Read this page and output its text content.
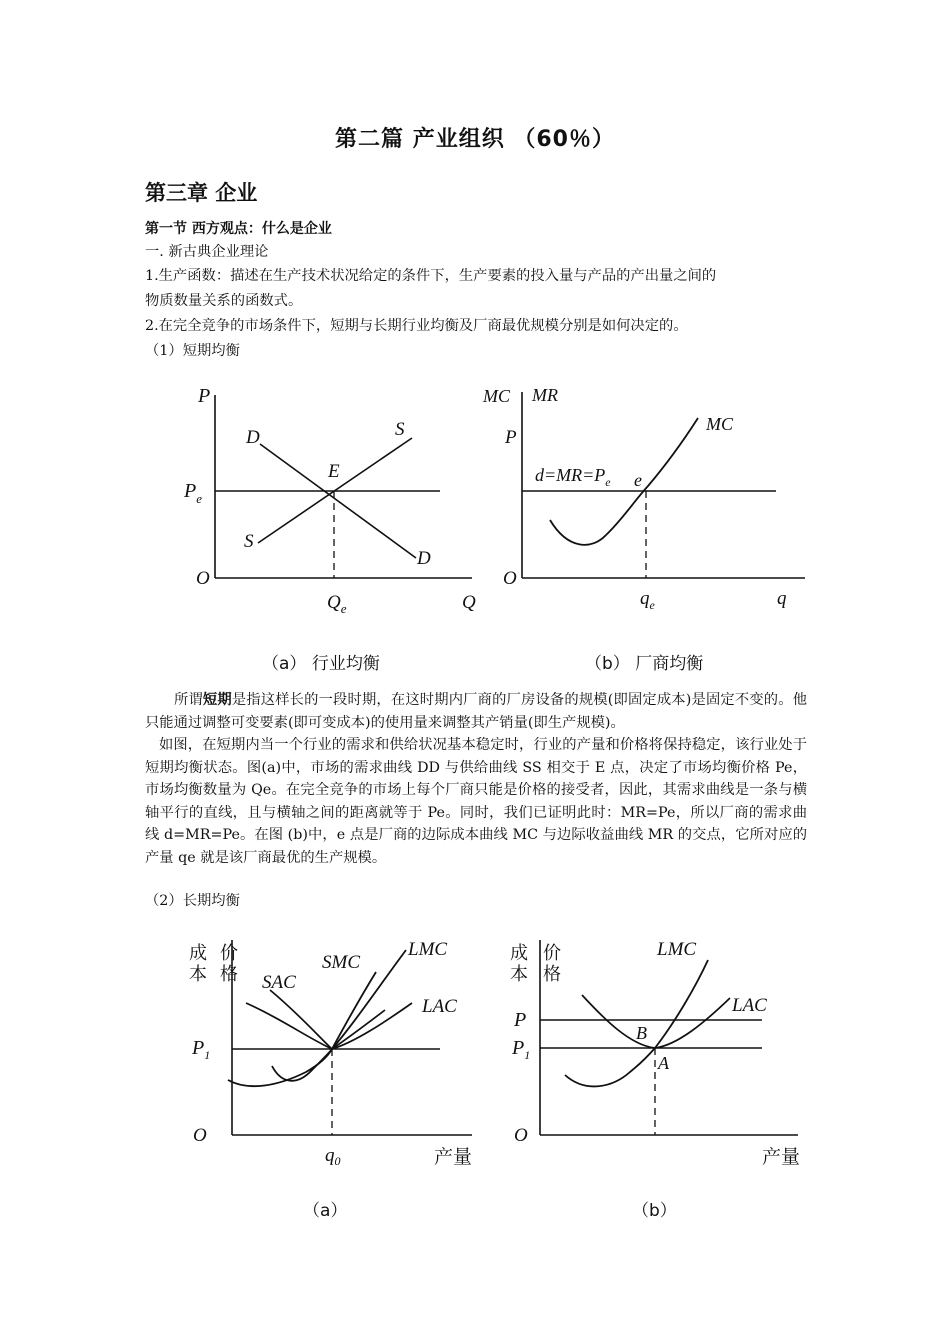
第二篇 产业组织 （60％）
第三章 企业
第一节 西方观点：什么是企业
一. 新古典企业理论
1.生产函数：描述在生产技术状况给定的条件下，生产要素的投入量与产品的产出量之间的
物质数量关系的函数式。
2.在完全竞争的市场条件下，短期与长期行业均衡及厂商最优规模分别是如何决定的。
（1）短期均衡
P
D	S
E
$P_e$
S
D
O
$Q_e$	Q
MC MR
P
MC
$d=MR=P_e$ e
O
$q_e$	q
（a） 行业均衡	（b） 厂商均衡

所谓短期是指这样长的一段时期，在这时期内厂商的厂房设备的规模(即固定成本)是固定不变的。他只能通过调整可变要素(即可变成本)的使用量来调整其产销量(即生产规模)。

如图，在短期内当一个行业的需求和供给状况基本稳定时，行业的产量和价格将保持稳定，该行业处于短期均衡状态。图(a)中，市场的需求曲线 DD 与供给曲线 SS 相交于 E 点，决定了市场均衡价格 Pe，市场均衡数量为 Qe。在完全竞争的市场上每个厂商只能是价格的接受者，因此，其需求曲线是一条与横轴平行的直线，且与横轴之间的距离就等于 Pe。同时，我们已证明此时：MR=Pe，所以厂商的需求曲线 d=MR=Pe。在图 (b)中，e 点是厂商的边际成本曲线 MC 与边际收益曲线 MR 的交点，它所对应的产量 qe 就是该厂商最优的生产规模。

（2）长期均衡
SAC
SMC
LMC
LAC
$P_1$
O
$q_0$	产量
LMC
LAC
P
$P_1$
B
A
O
产量
成本
价格
成本
价格
（a）	（b）
